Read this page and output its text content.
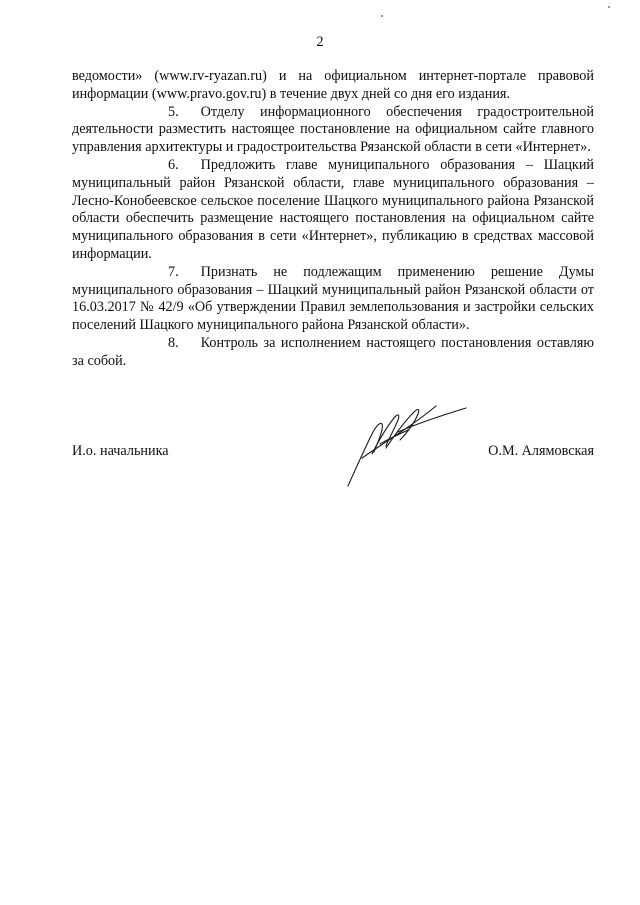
2

ведомости» (www.rv-ryazan.ru) и на официальном интернет-портале правовой информации (www.pravo.gov.ru) в течение двух дней со дня его издания.

5. Отделу информационного обеспечения градостроительной деятельности разместить настоящее постановление на официальном сайте главного управления архитектуры и градостроительства Рязанской области в сети «Интернет».

6. Предложить главе муниципального образования – Шацкий муниципальный район Рязанской области, главе муниципального образования – Лесно-Конобеевское сельское поселение Шацкого муниципального района Рязанской области обеспечить размещение настоящего постановления на официальном сайте муниципального образования в сети «Интернет», публикацию в средствах массовой информации.

7. Признать не подлежащим применению решение Думы муниципального образования – Шацкий муниципальный район Рязанской области от 16.03.2017 № 42/9 «Об утверждении Правил землепользования и застройки сельских поселений Шацкого муниципального района Рязанской области».

8. Контроль за исполнением настоящего постановления оставляю за собой.

И.о. начальника	О.М. Алямовская
